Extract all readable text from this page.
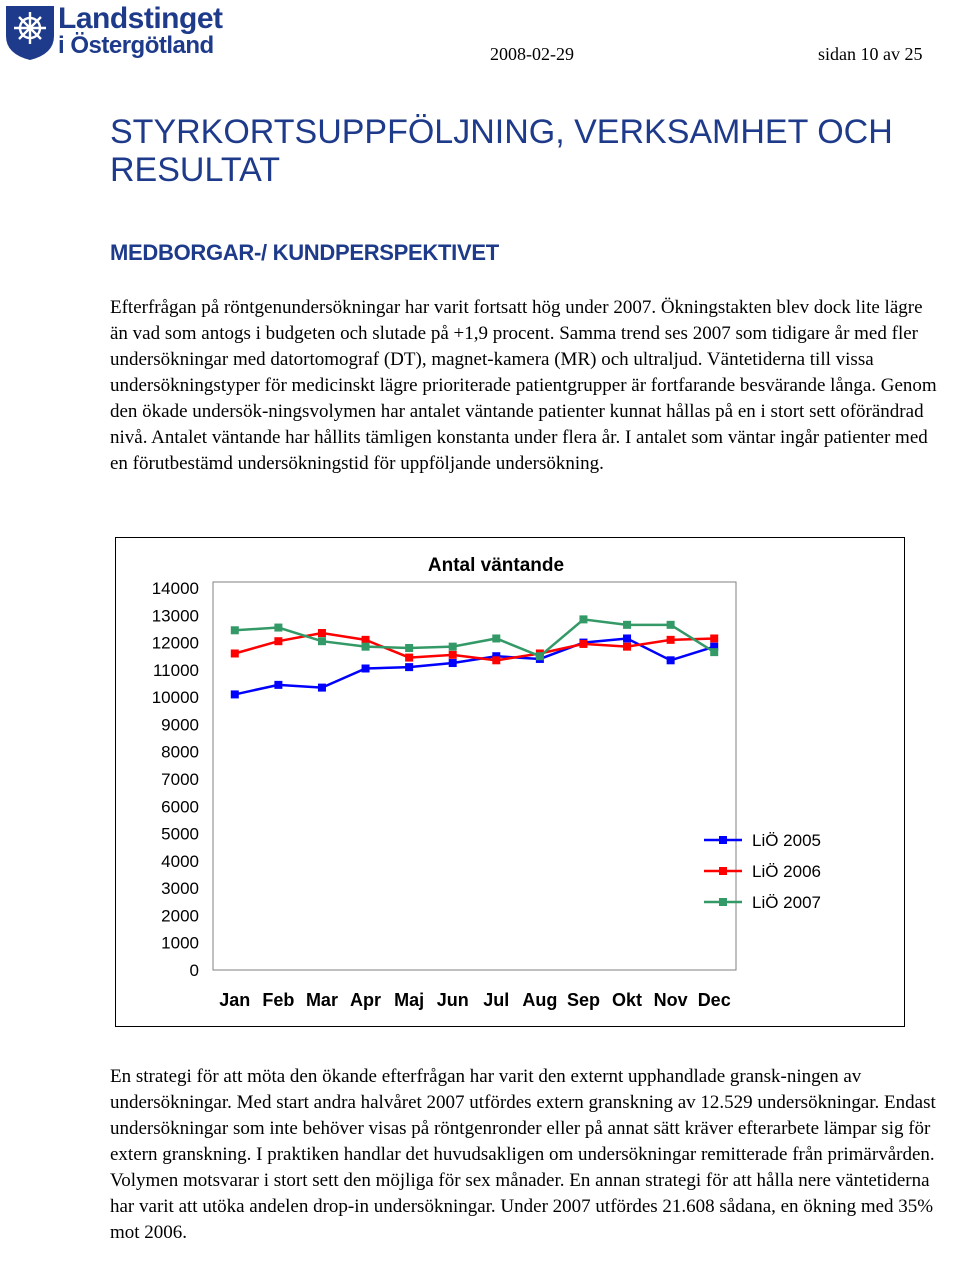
Landstinget
i Östergötland	2008-02-29	sidan 10 av 25
STYRKORTSUPPFÖLJNING, VERKSAMHET OCH RESULTAT
MEDBORGAR-/ KUNDPERSPEKTIVET

Efterfrågan på röntgenundersökningar har varit fortsatt hög under 2007. Ökningstakten blev dock lite lägre än vad som antogs i budgeten och slutade på +1,9 procent. Samma trend ses 2007 som tidigare år med fler undersökningar med datortomograf (DT), magnet-kamera (MR) och ultraljud. Väntetiderna till vissa undersökningstyper för medicinskt lägre prioriterade patientgrupper är fortfarande besvärande långa. Genom den ökade undersök-ningsvolymen har antalet väntande patienter kunnat hållas på en i stort sett oförändrad nivå. Antalet väntande har hållits tämligen konstanta under flera år. I antalet som väntar ingår patienter med en förutbestämd undersökningstid för uppföljande undersökning.

Antal väntande
0
1000
2000
3000
4000
5000
6000
7000
8000
9000
10000
11000
12000
13000
14000
Jan Feb Mar Apr Maj Jun Jul Aug Sep Okt Nov Dec
LiÖ 2005
LiÖ 2006
LiÖ 2007

En strategi för att möta den ökande efterfrågan har varit den externt upphandlade gransk-ningen av undersökningar. Med start andra halvåret 2007 utfördes extern granskning av 12.529 undersökningar. Endast undersökningar som inte behöver visas på röntgenronder eller på annat sätt kräver efterarbete lämpar sig för extern granskning. I praktiken handlar det huvudsakligen om undersökningar remitterade från primärvården. Volymen motsvarar i stort sett den möjliga för sex månader. En annan strategi för att hålla nere väntetiderna har varit att utöka andelen drop-in undersökningar. Under 2007 utfördes 21.608 sådana, en ökning med 35% mot 2006.
